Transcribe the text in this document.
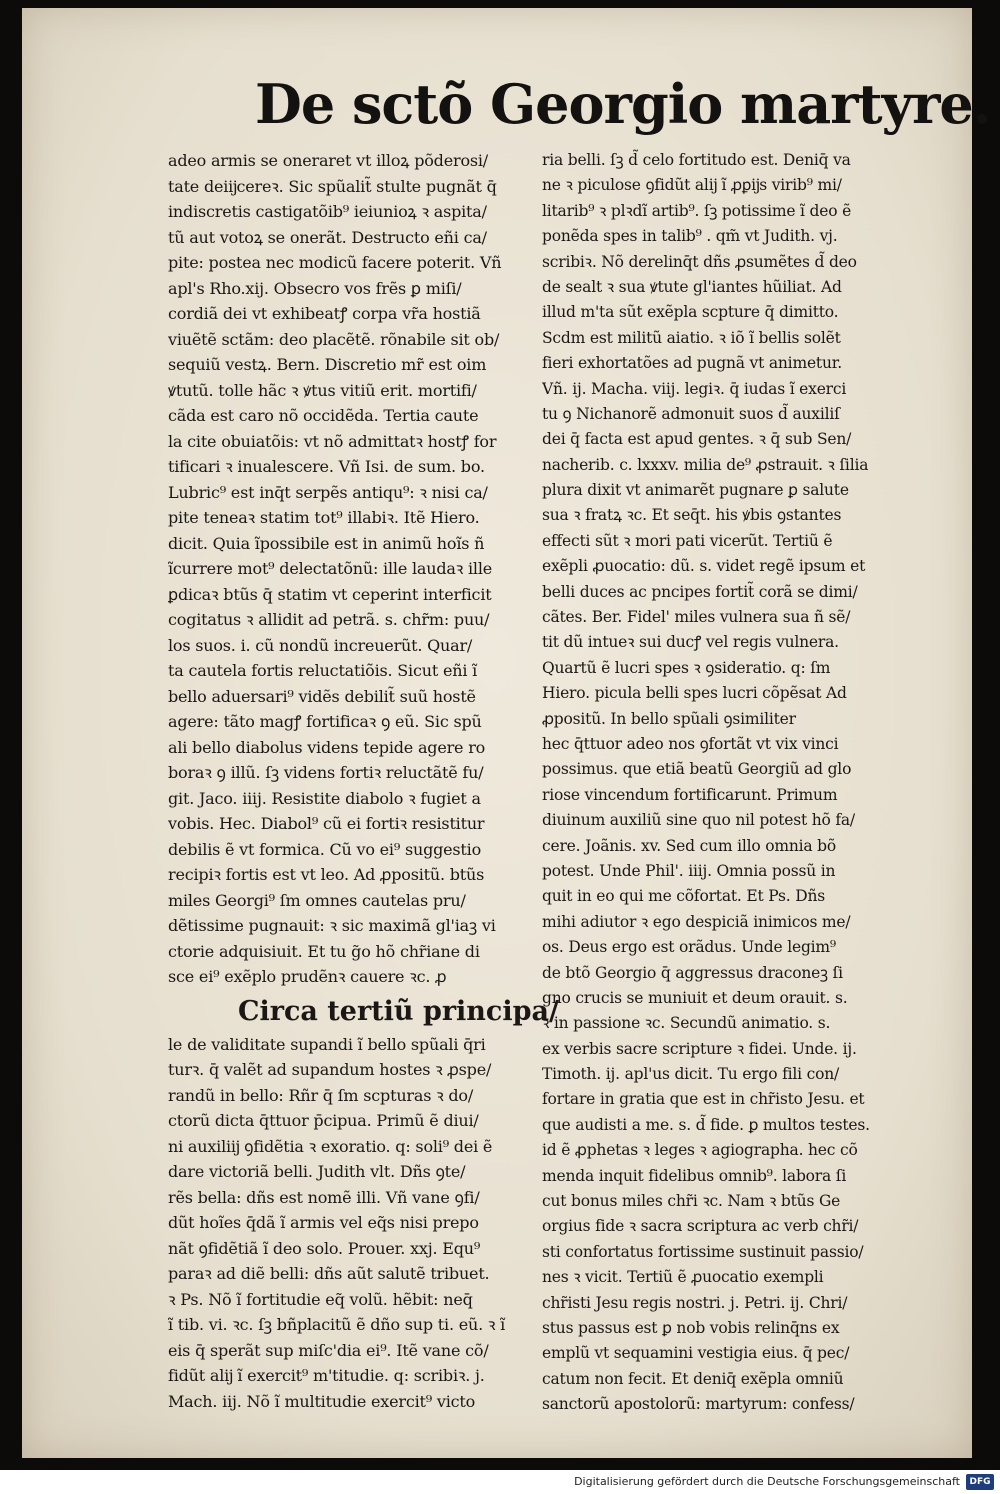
De sctõ Georgio martyre.
adeo armis se oneraret vt illoꝝ põderosi/
tate deiĳcereꝛ. Sic spũalit̃ stulte pugnãt q̄
indiscretis castigatõib⁹ ieiunioꝝ ꝛ aspita/
tũ aut votoꝝ se onerãt. Destructo eñi ca/
pite: postea nec modicũ facere poterit. Vñ
apl's Rho.xij. Obsecro vos frẽs ꝑ miſi/
cordiã dei vt exhibeatꝭ corpa vr̃a hostiã
viuẽtẽ sctãm: deo placẽtẽ. rõnabile sit ob/
sequiũ vestꝝ. Bern. Discretio mr̃ est oim
ꝟtutũ. tolle hãc ꝛ ꝟtus vitiũ erit. mortifi/
cãda est caro nõ occidẽda. Tertia caute
la cite obuiatõis: vt nõ admittatꝛ hostꝭ for
tificari ꝛ inualescere. Vñ Isi. de sum. bo.
Lubric⁹ est inq̄t serpẽs antiqu⁹: ꝛ nisi ca/
pite teneaꝛ statim tot⁹ illabiꝛ. Itẽ Hiero.
dicit. Quia ĩpossibile est in animũ hoĩs ñ
ĩcurrere mot⁹ delectatõnũ: ille laudaꝛ ille
ꝑdicaꝛ btũs q̄ statim vt ceperint interficit
cogitatus ꝛ allidit ad petrã. s. chr̃m: puu/
los suos. i. cũ nondũ increuerũt. Quar/
ta cautela fortis reluctatiõis. Sicut eñi ĩ
bello aduersari⁹ vidẽs debilit̃ suũ hostẽ
agere: tãto magꝭ fortificaꝛ ꝯ eũ. Sic spũ
ali bello diabolus videns tepide agere ro
boraꝛ ꝯ illũ. ſꝫ videns fortiꝛ reluctãtẽ fu/
git. Jaco. iiij. Resistite diabolo ꝛ fugiet a
vobis. Hec. Diabol⁹ cũ ei fortiꝛ resistitur
debilis ẽ vt formica. Cũ vo ei⁹ suggestio
recipiꝛ fortis est vt leo. Ad ꝓpositũ. btũs
miles Georgi⁹ ſm omnes cautelas pru/
dẽtissime pugnauit: ꝛ sic maximã gl'iaꝫ vi
ctorie adquisiuit. Et tu g̃o hõ chr̃iane di
sce ei⁹ exẽplo prudẽnꝛ cauere ꝛc. ꝓ
Circa tertiũ principa/
le de validitate supandi ĩ bello spũali q̄ri
turꝛ. q̄ valẽt ad supandum hostes ꝛ ꝓspe/
randũ in bello: Rñr q̄ ſm scpturas ꝛ do/
ctorũ dicta q̄ttuor p̄cipua. Primũ ẽ diui/
ni auxiliĳ ꝯfidẽtia ꝛ exoratio. q: soli⁹ dei ẽ
dare victoriã belli. Judith vlt. Dñs ꝯte/
rẽs bella: dñs est nomẽ illi. Vñ vane ꝯfi/
dũt hoĩes q̄dã ĩ armis vel eq̃s nisi prepo
nãt ꝯfidẽtiã ĩ deo solo. Prouer. xxj. Equ⁹
paraꝛ ad diẽ belli: dñs aũt salutẽ tribuet.
ꝛ Ps. Nõ ĩ fortitudie eq̃ volũ. hẽbit: neq̄
ĩ tib. vi. ꝛc. ſꝫ bñplacitũ ẽ dño sup ti. eũ. ꝛ ĩ
eis q̄ sperãt sup miſc'dia ei⁹. Itẽ vane cõ/
fidũt alĳ ĩ exercit⁹ m'titudie. q: scribiꝛ. j.
Mach. iij. Nõ ĩ multitudie exercit⁹ victo
ria belli. ſꝫ d̃ celo fortitudo est. Deniq̄ va
ne ꝛ piculose ꝯfidũt alĳ ĩ ꝓꝑĳs virib⁹ mi/
litarib⁹ ꝛ plꝛdĩ artib⁹. ſꝫ potissime ĩ deo ẽ
ponẽda spes in talib⁹ . qm̃ vt Judith. vj.
scribiꝛ. Nõ derelinq̄t dñs ꝓsumẽtes d̃ deo
de sealt ꝛ sua ꝟtute gl'iantes hũiliat. Ad
illud m'ta sũt exẽpla scpture q̄ dimitto.
Scdm est militũ aiatio. ꝛ iõ ĩ bellis solẽt
fieri exhortatões ad pugnã vt animetur.
Vñ. ij. Macha. viij. legiꝛ. q̄ iudas ĩ exerci
tu ꝯ Nichanorẽ admonuit suos d̃ auxiliſ
dei q̄ facta est apud gentes. ꝛ q̄ sub Sen/
nacherib. c. lxxxv. milia de⁹ ꝓstrauit. ꝛ ſilia
plura dixit vt animarẽt pugnare ꝑ salute
sua ꝛ fratꝝ ꝛc. Et seq̄t. his ꝟbis ꝯstantes
effecti sũt ꝛ mori pati vicerũt. Tertiũ ẽ
exẽpli ꝓuocatio: dũ. s. videt regẽ ipsum et
belli duces ac pncipes fortit̃ corã se dimi/
cãtes. Ber. Fidel' miles vulnera sua ñ sẽ/
tit dũ intueꝛ sui ducꝭ vel regis vulnera.
Quartũ ẽ lucri spes ꝛ ꝯsideratio. q: ſm
Hiero. picula belli spes lucri cõpẽsat Ad
ꝓpositũ. In bello spũali ꝯsimiliter
hec q̄ttuor adeo nos ꝯfortãt vt vix vinci
possimus. que etiã beatũ Georgiũ ad glo
riose vincendum fortificarunt. Primum
diuinum auxiliũ sine quo nil potest hõ fa/
cere. Joãnis. xv. Sed cum illo omnia bõ
potest. Unde Phil'. iiij. Omnia possũ in
quit in eo qui me cõfortat. Et Ps. Dñs
mihi adiutor ꝛ ego despiciã inimicos me/
os. Deus ergo est orãdus. Unde legim⁹
de btõ Georgio q̄ aggressus draconeꝫ ſi
gno crucis se muniuit et deum orauit. s.
ꝛ in passione ꝛc. Secundũ animatio. s.
ex verbis sacre scripture ꝛ fidei. Unde. ij.
Timoth. ij. apl'us dicit. Tu ergo fili con/
fortare in gratia que est in chr̃isto Jesu. et
que audisti a me. s. d̃ fide. ꝑ multos testes.
id ẽ ꝓphetas ꝛ leges ꝛ agiographa. hec cõ
menda inquit fidelibus omnib⁹. labora ſi
cut bonus miles chr̃i ꝛc. Nam ꝛ btũs Ge
orgius fide ꝛ sacra scriptura ac verb chr̃i/
sti confortatus fortissime sustinuit passio/
nes ꝛ vicit. Tertiũ ẽ ꝓuocatio exempli
chr̃isti Jesu regis nostri. j. Petri. ij. Chri/
stus passus est ꝑ nob vobis relinq̄ns ex
emplũ vt sequamini vestigia eius. q̄ pec/
catum non fecit. Et deniq̄ exẽpla omniũ
sanctorũ apostolorũ: martyrum: confess/
Digitalisierung gefördert durch die Deutsche Forschungsgemeinschaft	DFG
